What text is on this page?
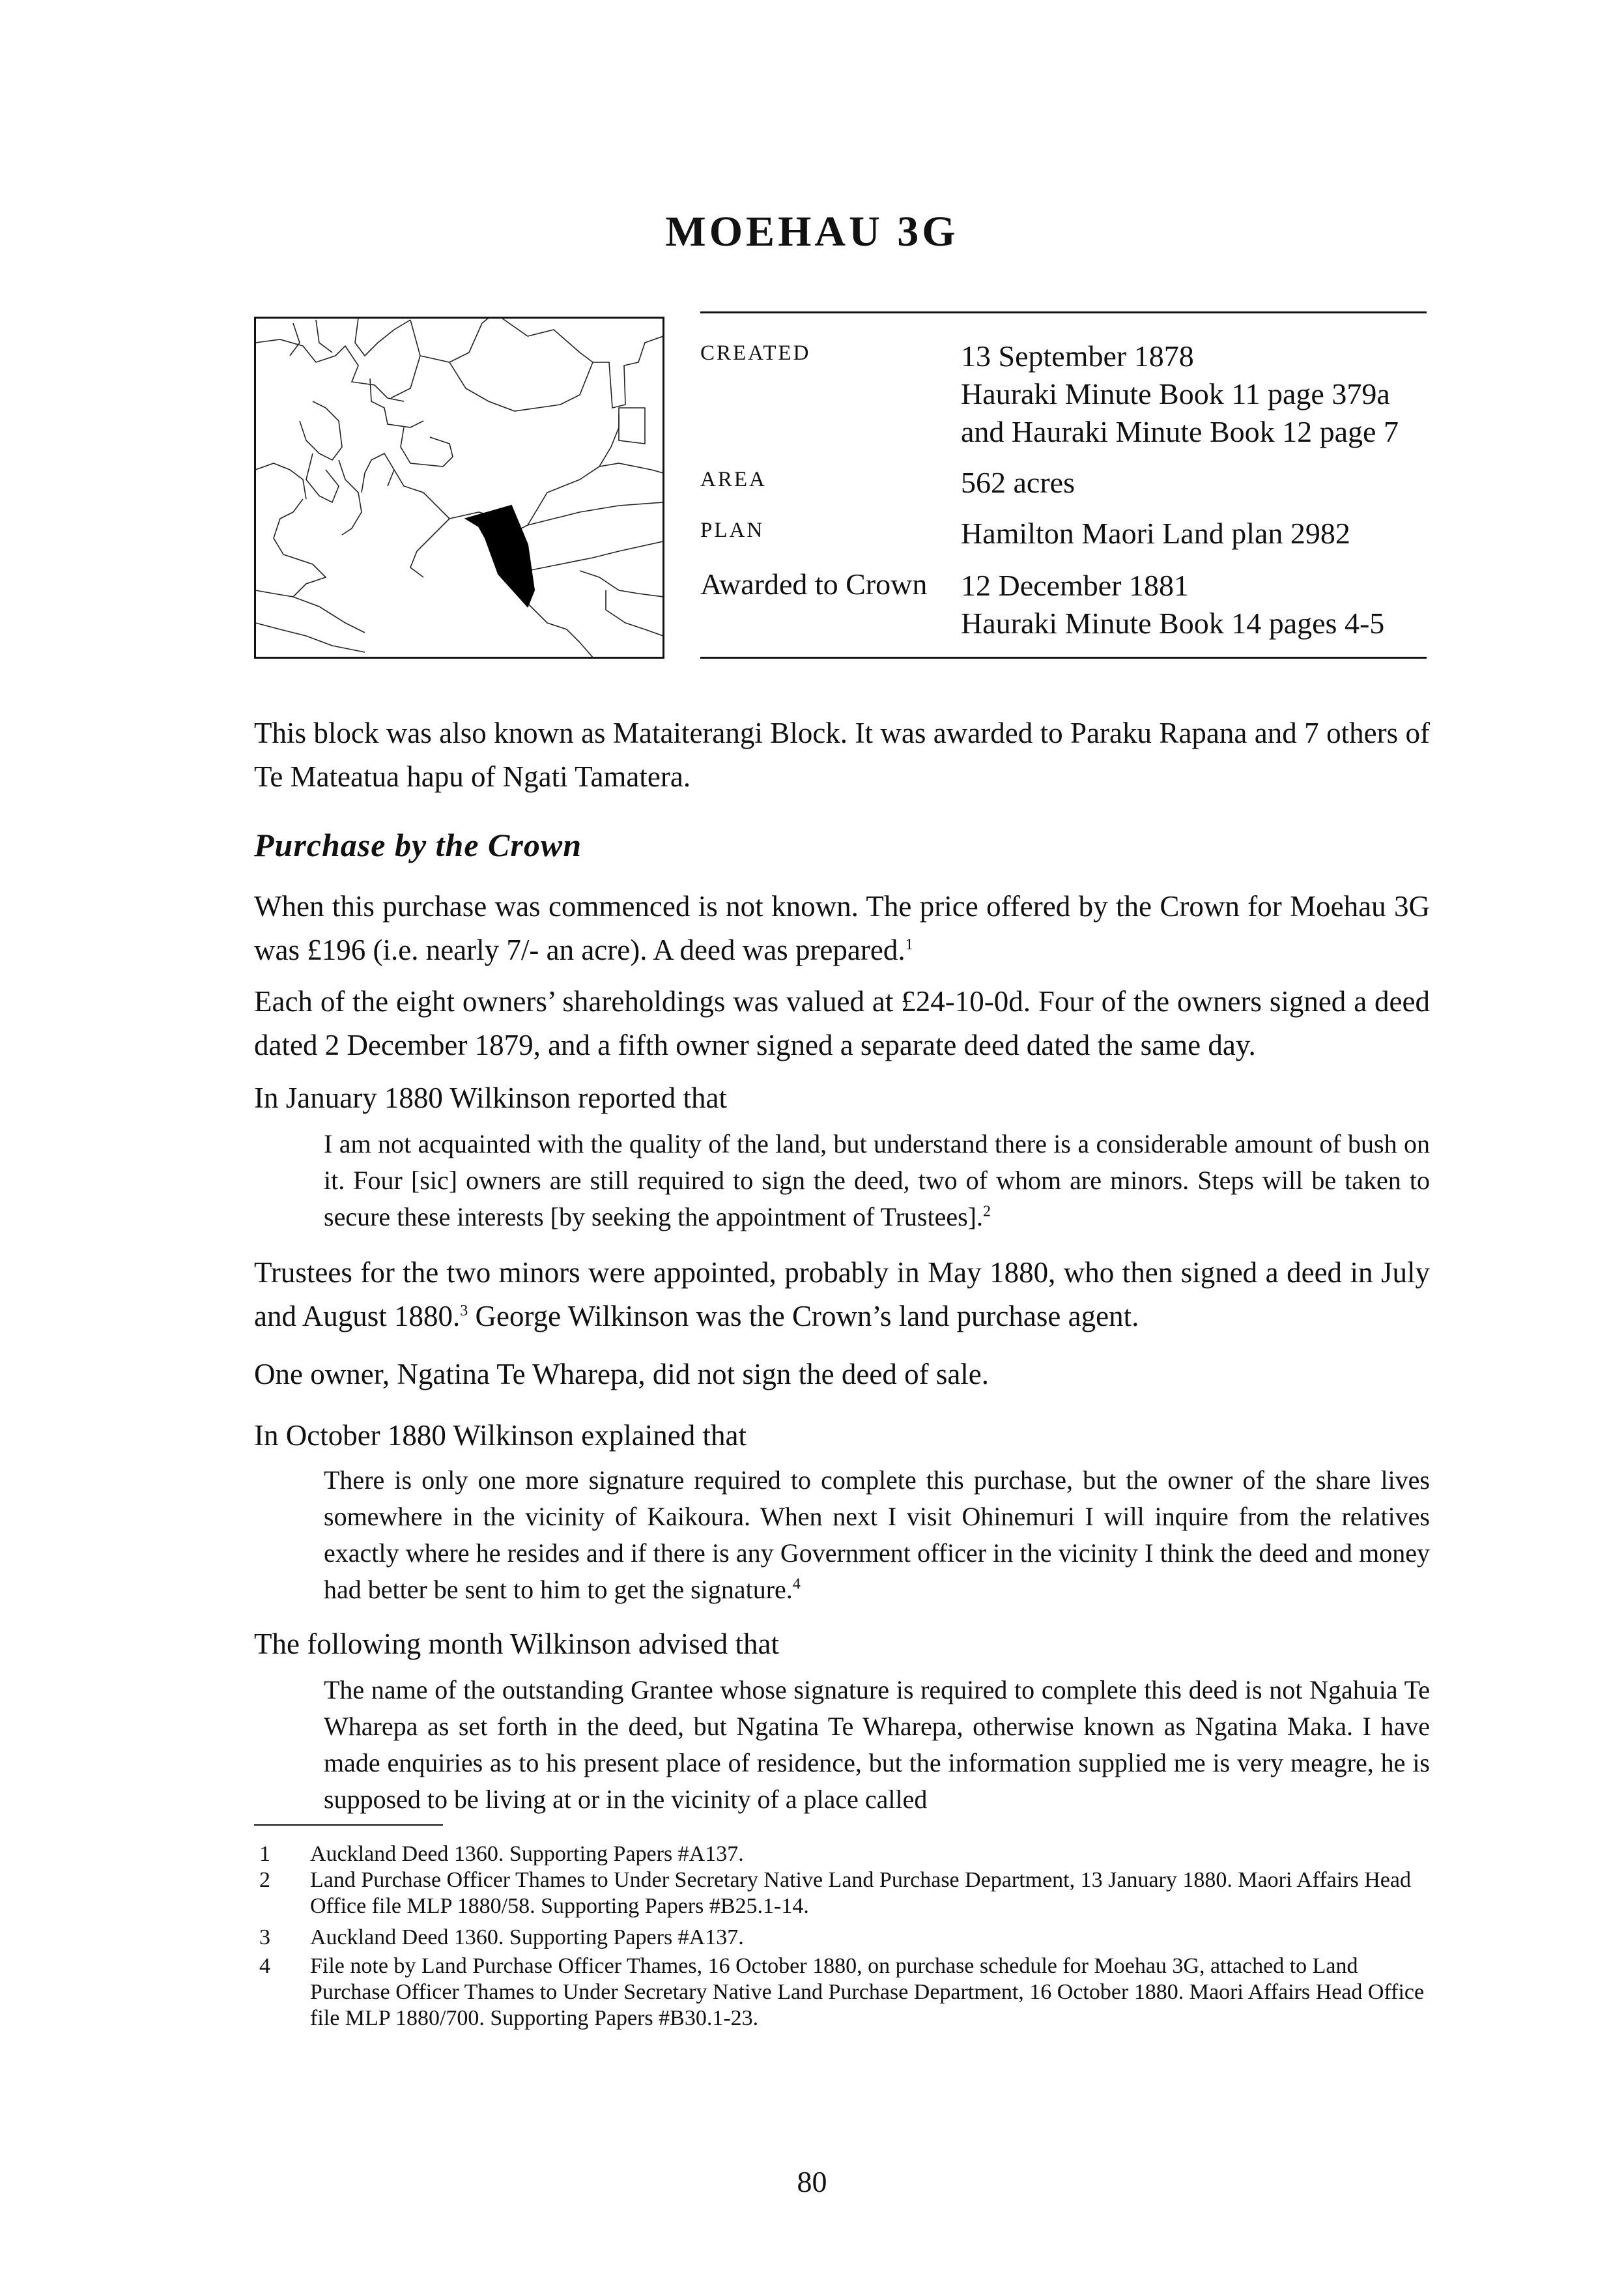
MOEHAU 3G
CREATED	13 September 1878
Hauraki Minute Book 11 page 379a
and Hauraki Minute Book 12 page 7
AREA	562 acres
PLAN	Hamilton Maori Land plan 2982
Awarded to Crown 12 December 1881
Hauraki Minute Book 14 pages 4-5
This block was also known as Mataiterangi Block. It was awarded to Paraku Rapana and 7 others of Te Mateatua hapu of Ngati Tamatera.
Purchase by the Crown
When this purchase was commenced is not known. The price offered by the Crown for Moehau 3G was £196 (i.e. nearly 7/- an acre). A deed was prepared.$^1$
Each of the eight owners’ shareholdings was valued at £24-10-0d. Four of the owners signed a deed dated 2 December 1879, and a fifth owner signed a separate deed dated the same day.
In January 1880 Wilkinson reported that
I am not acquainted with the quality of the land, but understand there is a considerable amount of bush on it. Four [sic] owners are still required to sign the deed, two of whom are minors. Steps will be taken to secure these interests [by seeking the appointment of Trustees].$^2$
Trustees for the two minors were appointed, probably in May 1880, who then signed a deed in July and August 1880.$^3$ George Wilkinson was the Crown’s land purchase agent.
One owner, Ngatina Te Wharepa, did not sign the deed of sale.
In October 1880 Wilkinson explained that
There is only one more signature required to complete this purchase, but the owner of the share lives somewhere in the vicinity of Kaikoura. When next I visit Ohinemuri I will inquire from the relatives exactly where he resides and if there is any Government officer in the vicinity I think the deed and money had better be sent to him to get the signature.$^4$
The following month Wilkinson advised that
The name of the outstanding Grantee whose signature is required to complete this deed is not Ngahuia Te Wharepa as set forth in the deed, but Ngatina Te Wharepa, otherwise known as Ngatina Maka. I have made enquiries as to his present place of residence, but the information supplied me is very meagre, he is supposed to be living at or in the vicinity of a place called
1 Auckland Deed 1360. Supporting Papers #A137.
2 Land Purchase Officer Thames to Under Secretary Native Land Purchase Department, 13 January 1880. Maori Affairs Head Office file MLP 1880/58. Supporting Papers #B25.1-14.
3 Auckland Deed 1360. Supporting Papers #A137.
4 File note by Land Purchase Officer Thames, 16 October 1880, on purchase schedule for Moehau 3G, attached to Land Purchase Officer Thames to Under Secretary Native Land Purchase Department, 16 October 1880. Maori Affairs Head Office file MLP 1880/700. Supporting Papers #B30.1-23.
80
